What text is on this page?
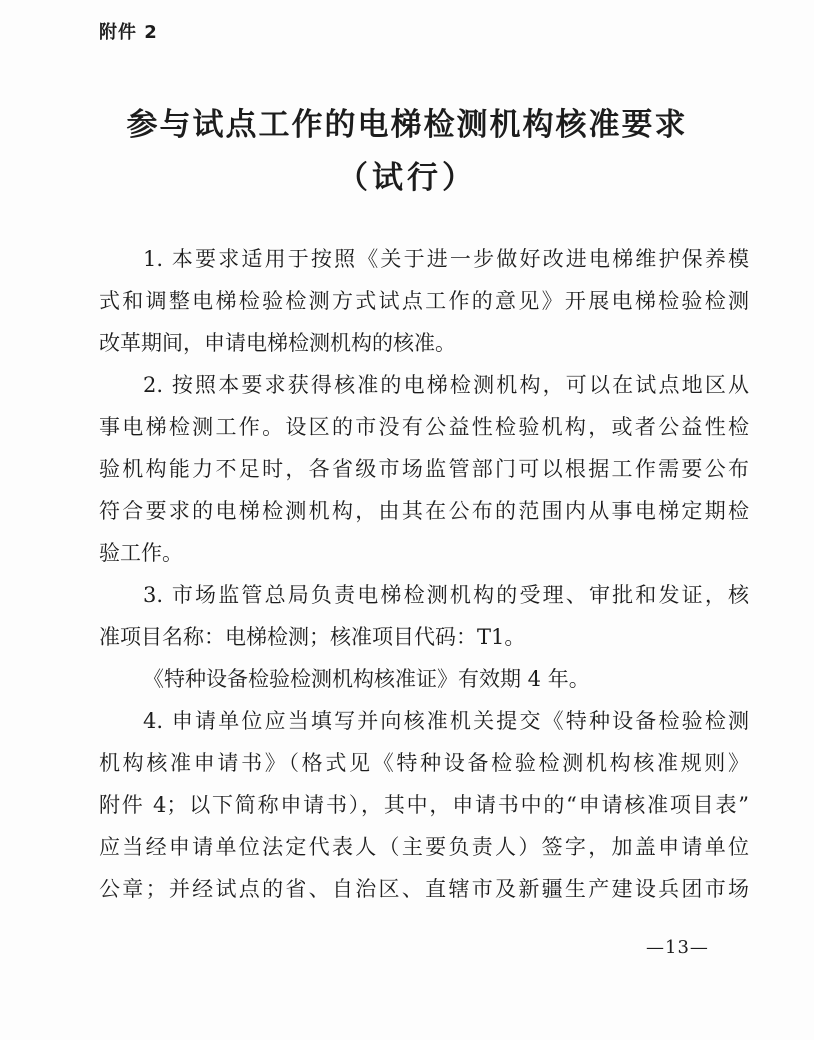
附件 2
参与试点工作的电梯检测机构核准要求
（试行）
1. 本要求适用于按照《关于进一步做好改进电梯维护保养模
式和调整电梯检验检测方式试点工作的意见》开展电梯检验检测
改革期间，申请电梯检测机构的核准。
2. 按照本要求获得核准的电梯检测机构，可以在试点地区从
事电梯检测工作。设区的市没有公益性检验机构，或者公益性检
验机构能力不足时，各省级市场监管部门可以根据工作需要公布
符合要求的电梯检测机构，由其在公布的范围内从事电梯定期检
验工作。
3. 市场监管总局负责电梯检测机构的受理、审批和发证，核
准项目名称：电梯检测；核准项目代码：T1。
《特种设备检验检测机构核准证》有效期 4 年。
4. 申请单位应当填写并向核准机关提交《特种设备检验检测
机构核准申请书》（格式见《特种设备检验检测机构核准规则》
附件 4；以下简称申请书），其中，申请书中的“申请核准项目表”
应当经申请单位法定代表人（主要负责人）签字，加盖申请单位
公章；并经试点的省、自治区、直辖市及新疆生产建设兵团市场
—13—
